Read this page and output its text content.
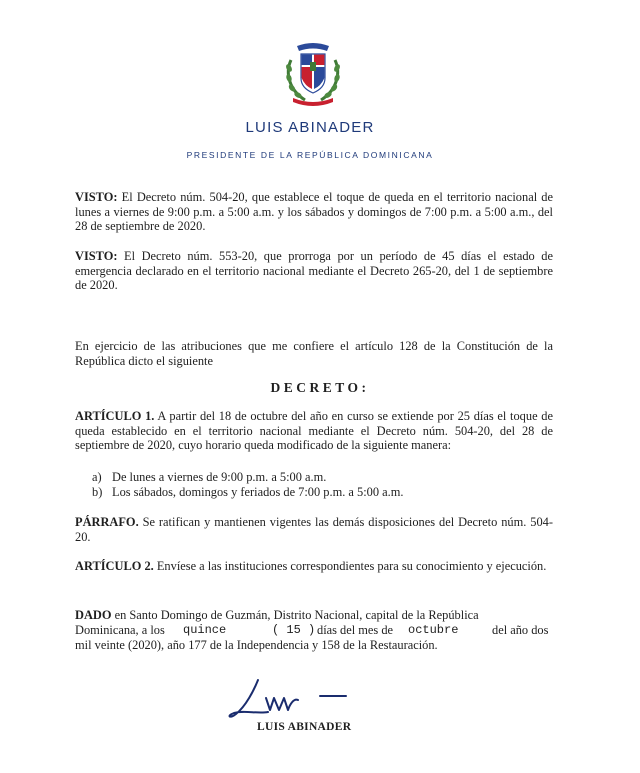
LUIS ABINADER
PRESIDENTE DE LA REPÚBLICA DOMINICANA
VISTO: El Decreto núm. 504-20, que establece el toque de queda en el territorio nacional de lunes a viernes de 9:00 p.m. a 5:00 a.m. y los sábados y domingos de 7:00 p.m. a 5:00 a.m., del 28 de septiembre de 2020.
VISTO: El Decreto núm. 553-20, que prorroga por un período de 45 días el estado de emergencia declarado en el territorio nacional mediante el Decreto 265-20, del 1 de septiembre de 2020.
En ejercicio de las atribuciones que me confiere el artículo 128 de la Constitución de la República dicto el siguiente
DECRETO:
ARTÍCULO 1. A partir del 18 de octubre del año en curso se extiende por 25 días el toque de queda establecido en el territorio nacional mediante el Decreto núm. 504-20, del 28 de septiembre de 2020, cuyo horario queda modificado de la siguiente manera:
a) De lunes a viernes de 9:00 p.m. a 5:00 a.m.
b) Los sábados, domingos y feriados de 7:00 p.m. a 5:00 a.m.
PÁRRAFO. Se ratifican y mantienen vigentes las demás disposiciones del Decreto núm. 504-20.
ARTÍCULO 2. Envíese a las instituciones correspondientes para su conocimiento y ejecución.
DADO en Santo Domingo de Guzmán, Distrito Nacional, capital de la República
Dominicana, a los quince	( 15 ) días del mes de octubre	del año dos
mil veinte (2020), año 177 de la Independencia y 158 de la Restauración.
LUIS ABINADER
